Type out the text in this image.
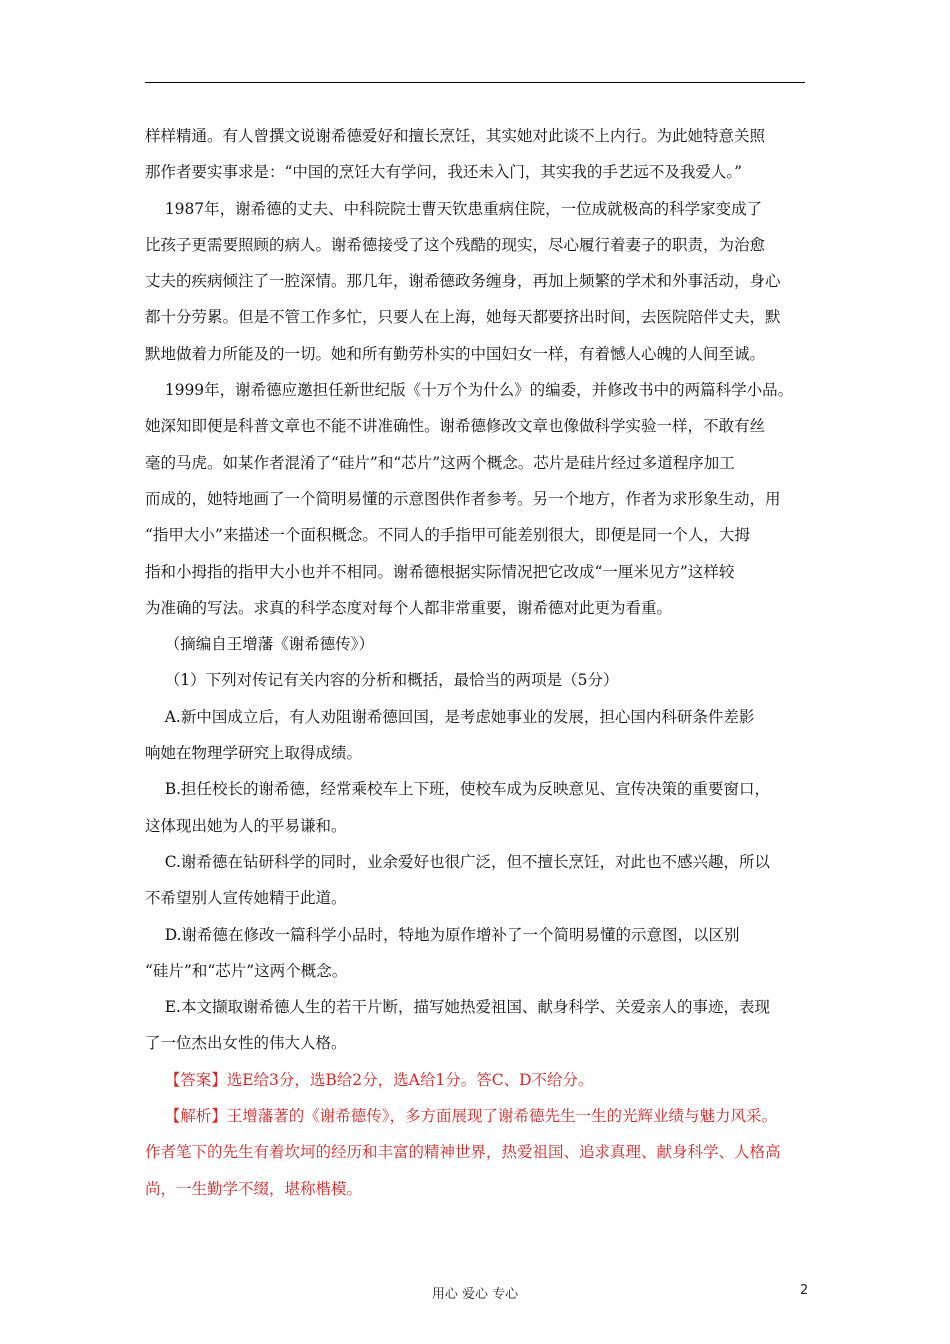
样样精通。有人曾撰文说谢希德爱好和擅长烹饪，其实她对此谈不上内行。为此她特意关照

那作者要实事求是：“中国的烹饪大有学问，我还未入门，其实我的手艺远不及我爱人。”

1987年，谢希德的丈夫、中科院院士曹天钦患重病住院，一位成就极高的科学家变成了

比孩子更需要照顾的病人。谢希德接受了这个残酷的现实，尽心履行着妻子的职责，为治愈

丈夫的疾病倾注了一腔深情。那几年，谢希德政务缠身，再加上频繁的学术和外事活动，身心

都十分劳累。但是不管工作多忙，只要人在上海，她每天都要挤出时间，去医院陪伴丈夫，默

默地做着力所能及的一切。她和所有勤劳朴实的中国妇女一样，有着憾人心魄的人间至诚。

1999年，谢希德应邀担任新世纪版《十万个为什么》的编委，并修改书中的两篇科学小品。

她深知即便是科普文章也不能不讲准确性。谢希德修改文章也像做科学实验一样，不敢有丝

毫的马虎。如某作者混淆了“硅片”和“芯片”这两个概念。芯片是硅片经过多道程序加工

而成的，她特地画了一个简明易懂的示意图供作者参考。另一个地方，作者为求形象生动，用

“指甲大小”来描述一个面积概念。不同人的手指甲可能差别很大，即便是同一个人，大拇

指和小拇指的指甲大小也并不相同。谢希德根据实际情况把它改成“一厘米见方”这样较

为准确的写法。求真的科学态度对每个人都非常重要，谢希德对此更为看重。

（摘编自王增藩《谢希德传》）

（1）下列对传记有关内容的分析和概括，最恰当的两项是（5分）

A.新中国成立后，有人劝阻谢希德回国，是考虑她事业的发展，担心国内科研条件差影

响她在物理学研究上取得成绩。

B.担任校长的谢希德，经常乘校车上下班，使校车成为反映意见、宣传决策的重要窗口，

这体现出她为人的平易谦和。

C.谢希德在钻研科学的同时，业余爱好也很广泛，但不擅长烹饪，对此也不感兴趣，所以

不希望别人宣传她精于此道。

D.谢希德在修改一篇科学小品时，特地为原作增补了一个简明易懂的示意图，以区别

“硅片”和“芯片”这两个概念。

E.本文撷取谢希德人生的若干片断，描写她热爱祖国、献身科学、关爱亲人的事迹，表现

了一位杰出女性的伟大人格。

【答案】选E给3分，选B给2分，选A给1分。答C、D不给分。

【解析】王增藩著的《谢希德传》，多方面展现了谢希德先生一生的光辉业绩与魅力风采。

作者笔下的先生有着坎坷的经历和丰富的精神世界，热爱祖国、追求真理、献身科学、人格高

尚，一生勤学不缀，堪称楷模。

用心 爱心 专心	2
